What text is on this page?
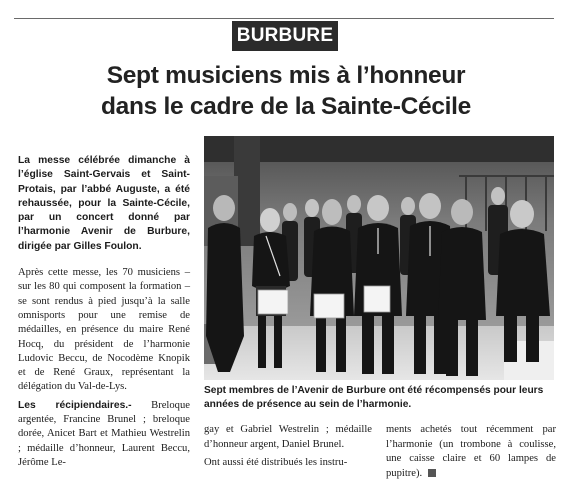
BURBURE
Sept musiciens mis à l’honneur
dans le cadre de la Sainte-Cécile

La messe célébrée dimanche à l’église Saint-Gervais et Saint-Protais, par l’abbé Auguste, a été rehaussée, pour la Sainte-Cécile, par un concert donné par l’harmonie Avenir de Burbure, dirigée par Gilles Foulon.

Après cette messe, les 70 musiciens – sur les 80 qui composent la formation – se sont rendus à pied jusqu’à la salle omnisports pour une remise de médailles, en présence du maire René Hocq, du président de l’harmonie Ludovic Beccu, de Nocodème Knopik et de René Graux, représentant la délégation du Val-de-Lys.

Les récipiendaires.- Breloque argentée, Francine Brunel ; breloque dorée, Anicet Bart et Mathieu Westrelin ; médaille d’honneur, Laurent Beccu, Jérôme Le-

Sept membres de l’Avenir de Burbure ont été récompensés pour leurs années de présence au sein de l’harmonie.

gay et Gabriel Westrelin ; médaille d’honneur argent, Daniel Brunel.

Ont aussi été distribués les instru-

ments achetés tout récemment par l’harmonie (un trombone à coulisse, une caisse claire et 60 lampes de pupitre).
